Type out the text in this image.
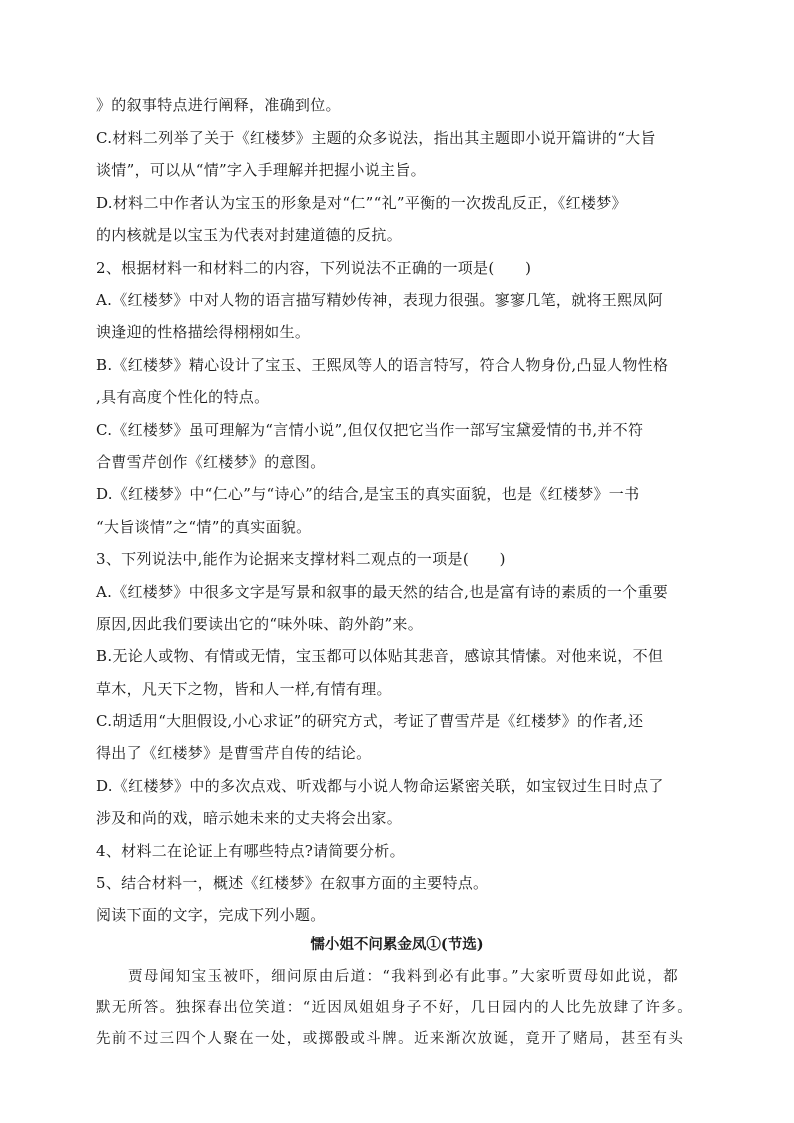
》的叙事特点进行阐释，准确到位。
C.材料二列举了关于《红楼梦》主题的众多说法，指出其主题即小说开篇讲的“大旨
谈情”，可以从“情”字入手理解并把握小说主旨。
D.材料二中作者认为宝玉的形象是对“仁”“礼”平衡的一次拨乱反正，《红楼梦》
的内核就是以宝玉为代表对封建道德的反抗。
2、根据材料一和材料二的内容，下列说法不正确的一项是(　　)
A.《红楼梦》中对人物的语言描写精妙传神，表现力很强。寥寥几笔，就将王熙凤阿
谀逢迎的性格描绘得栩栩如生。
B.《红楼梦》精心设计了宝玉、王熙凤等人的语言特写，符合人物身份,凸显人物性格
,具有高度个性化的特点。
C.《红楼梦》虽可理解为“言情小说”,但仅仅把它当作一部写宝黛爱情的书,并不符
合曹雪芹创作《红楼梦》的意图。
D.《红楼梦》中“仁心”与“诗心”的结合,是宝玉的真实面貌，也是《红楼梦》一书
“大旨谈情”之“情”的真实面貌。
3、下列说法中,能作为论据来支撑材料二观点的一项是(　　)
A.《红楼梦》中很多文字是写景和叙事的最天然的结合,也是富有诗的素质的一个重要
原因,因此我们要读出它的“味外味、韵外韵”来。
B.无论人或物、有情或无情，宝玉都可以体贴其悲音，感谅其情愫。对他来说，不但
草木，凡天下之物，皆和人一样,有情有理。
C.胡适用“大胆假设,小心求证”的研究方式，考证了曹雪芹是《红楼梦》的作者,还
得出了《红楼梦》是曹雪芹自传的结论。
D.《红楼梦》中的多次点戏、听戏都与小说人物命运紧密关联，如宝钗过生日时点了
涉及和尚的戏，暗示她未来的丈夫将会出家。
4、材料二在论证上有哪些特点?请简要分析。
5、结合材料一，概述《红楼梦》在叙事方面的主要特点。
阅读下面的文字，完成下列小题。
懦小姐不问累金凤①(节选)
贾母闻知宝玉被吓，细问原由后道：“我料到必有此事。”大家听贾母如此说，都
默无所答。独探春出位笑道：“近因凤姐姐身子不好，几日园内的人比先放肆了许多。
先前不过三四个人聚在一处，或掷骰或斗牌。近来渐次放诞，竟开了赌局，甚至有头
